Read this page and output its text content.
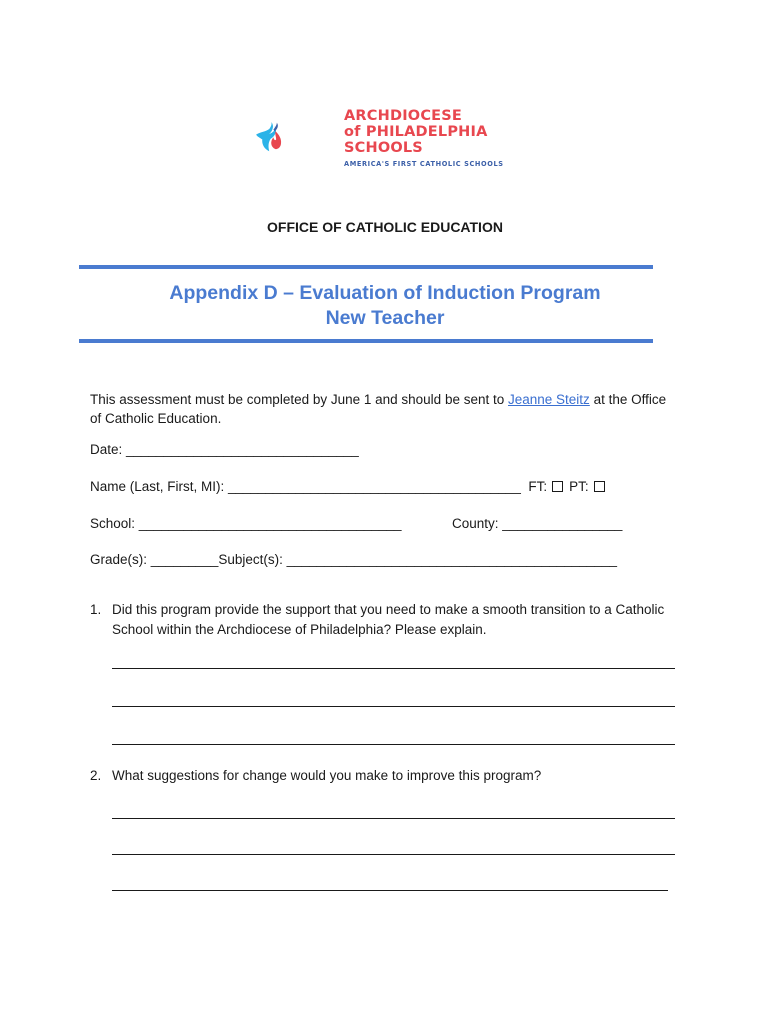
ARCHDIOCESE
of PHILADELPHIA
SCHOOLS
AMERICA'S FIRST CATHOLIC SCHOOLS
OFFICE OF CATHOLIC EDUCATION
Appendix D – Evaluation of Induction Program
New Teacher
This assessment must be completed by June 1 and should be sent to Jeanne Steitz at the Office of Catholic Education.
Date: _______________________________
Name (Last, First, MI): _______________________________________  FT: PT:
School: ___________________________________	County: ________________
Grade(s): _________Subject(s): ____________________________________________
1. Did this program provide the support that you need to make a smooth transition to a Catholic School within the Archdiocese of Philadelphia? Please explain.
2. What suggestions for change would you make to improve this program?
